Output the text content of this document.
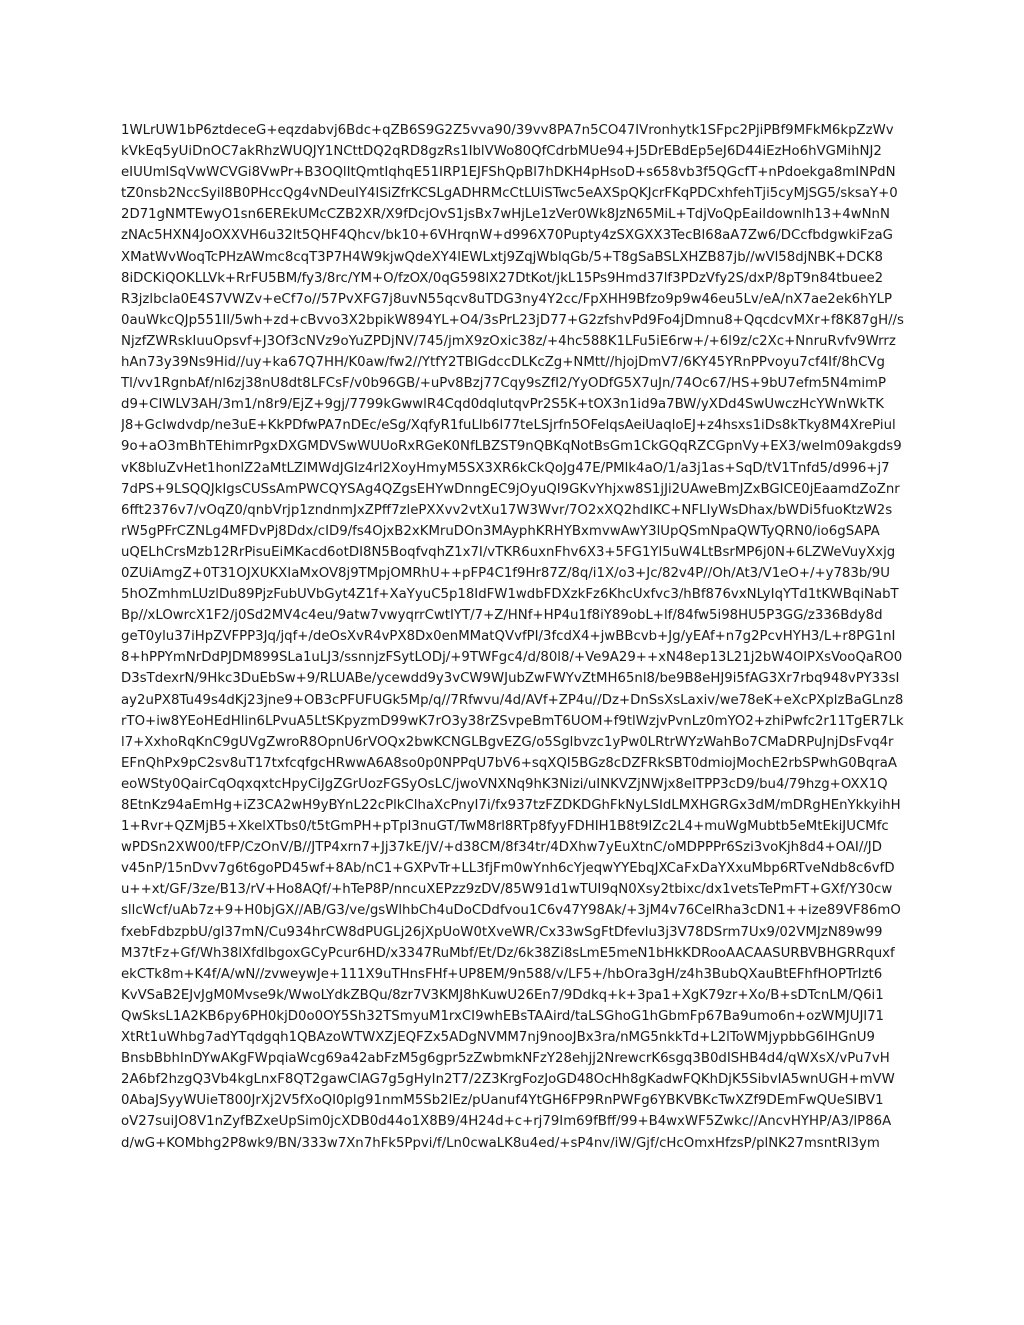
1WLrUW1bP6ztdeceG+eqzdabvj6Bdc+qZB6S9G2Z5vva90/39vv8PA7n5CO47IVronhytk1SFpc2PjiPBf9MFkM6kpZzWv
kVkEq5yUiDnOC7akRhzWUQJY1NCttDQ2qRD8gzRs1IblVWo80QfCdrbMUe94+J5DrEBdEp5eJ6D44iEzHo6hVGMihNJ2
eIUUmlSqVwWCVGi8VwPr+B3OQlItQmtIqhqE51IRP1EJFShQpBl7hDKH4pHsoD+s658vb3f5QGcfT+nPdoekga8mINPdN
tZ0nsb2NccSyil8B0PHccQg4vNDeuIY4lSiZfrKCSLgADHRMcCtLUiSTwc5eAXSpQKJcrFKqPDCxhfehTji5cyMjSG5/sksaY+0
2D71gNMTEwyO1sn6EREkUMcCZB2XR/X9fDcjOvS1jsBx7wHjLe1zVer0Wk8JzN65MiL+TdjVoQpEaiIdownlh13+4wNnN
zNAc5HXN4JoOXXVH6u32lt5QHF4Qhcv/bk10+6VHrqnW+d996X70Pupty4zSXGXX3TecBl68aA7Zw6/DCcfbdgwkiFzaG
XMatWvWoqTcPHzAWmc8cqT3P7H4W9kjwQdeXY4lEWLxtj9ZqjWblqGb/5+T8gSaBSLXHZB87jb//wVl58djNBK+DCK8
8iDCKiQOKLLVk+RrFU5BM/fy3/8rc/YM+O/fzOX/0qG598lX27DtKot/jkL15Ps9Hmd37lf3PDzVfy2S/dxP/8pT9n84tbuee2
R3jzlbcla0E4S7VWZv+eCf7o//57PvXFG7j8uvN55qcv8uTDG3ny4Y2cc/FpXHH9Bfzo9p9w46eu5Lv/eA/nX7ae2ek6hYLP
0auWkcQJp551Il/5wh+zd+cBvvo3X2bpikW894YL+O4/3sPrL23jD77+G2zfshvPd9Fo4jDmnu8+QqcdcvMXr+f8K87gH//s
NjzfZWRskIuuOpsvf+J3Of3cNVz9oYuZPDjNV/745/jmX9zOxic38z/+4hc588K1LFu5iE6rw+/+6l9z/c2Xc+NnruRvfv9Wrrz
hAn73y39Ns9Hid//uy+ka67Q7HH/K0aw/fw2//YtfY2TBIGdccDLKcZg+NMtt//hjojDmV7/6KY45YRnPPvoyu7cf4If/8hCVg
Tl/vv1RgnbAf/nl6zj38nU8dt8LFCsF/v0b96GB/+uPv8Bzj77Cqy9sZfI2/YyODfG5X7uJn/74Oc67/HS+9bU7efm5N4mimP
d9+CIWLV3AH/3m1/n8r9/EjZ+9gj/7799kGwwlR4Cqd0dqlutqvPr2S5K+tOX3n1id9a7BW/yXDd4SwUwczHcYWnWkTK
J8+GcIwdvdp/ne3uE+KkPDfwPA7nDEc/eSg/XqfyR1fuLlb6l77teLSjrfn5OFelqsAeiUaqloEJ+z4hsxs1iDs8kTky8M4XrePiul
9o+aO3mBhTEhimrPgxDXGMDVSwWUUoRxRGeK0NfLBZST9nQBKqNotBsGm1CkGQqRZCGpnVy+EX3/weIm09akgds9
vK8bluZvHet1honlZ2aMtLZlMWdJGIz4rl2XoyHmyM5SX3XR6kCkQoJg47E/PMlk4aO/1/a3j1as+SqD/tV1Tnfd5/d996+j7
7dPS+9LSQQJkIgsCUSsAmPWCQYSAg4QZgsEHYwDnngEC9jOyuQI9GKvYhjxw8S1jJi2UAweBmJZxBGICE0jEaamdZoZnr
6fft2376v7/vOqZ0/qnbVrjp1zndnmJxZPff7zlePXXvv2vtXu17W3Wvr/7O2xXQ2hdIKC+NFLIyWsDhax/bWDi5fuoKtzW2s
rW5gPFrCZNLg4MFDvPj8Ddx/cID9/fs4OjxB2xKMruDOn3MAyphKRHYBxmvwAwY3lUpQSmNpaQWTyQRN0/io6gSAPA
uQELhCrsMzb12RrPisuEiMKacd6otDI8N5BoqfvqhZ1x7I/vTKR6uxnFhv6X3+5FG1Yl5uW4LtBsrMP6j0N+6LZWeVuyXxjg
0ZUiAmgZ+0T31OJXUKXIaMxOV8j9TMpjOMRhU++pFP4C1f9Hr87Z/8q/i1X/o3+Jc/82v4P//Oh/At3/V1eO+/+y783b/9U
5hOZmhmLUzlDu89PjzFubUVbGyt4Z1f+XaYyuC5p18IdFW1wdbFDXzkFz6KhcUxfvc3/hBf876vxNLyIqYTd1tKWBqiNabT
Bp//xLOwrcX1F2/j0Sd2MV4c4eu/9atw7vwyqrrCwtIYT/7+Z/HNf+HP4u1f8iY89obL+lf/84fw5i98HU5P3GG/z336Bdy8d
geT0ylu37iHpZVFPP3Jq/jqf+/deOsXvR4vPX8Dx0enMMatQVvfPI/3fcdX4+jwBBcvb+Jg/yEAf+n7g2PcvHYH3/L+r8PG1nI
8+hPPYmNrDdPJDM899SLa1uLJ3/ssnnjzFSytLODj/+9TWFgc4/d/80l8/+Ve9A29++xN48ep13L21j2bW4OlPXsVooQaRO0
D3sTdexrN/9Hkc3DuEbSw+9/RLUABe/ycewdd9y3vCW9WJubZwFWYvZtMH65nl8/be9B8eHJ9i5fAG3Xr7rbq948vPY33sI
ay2uPX8Tu49s4dKj23jne9+OB3cPFUFUGk5Mp/q//7Rfwvu/4d/AVf+ZP4u//Dz+DnSsXsLaxiv/we78eK+eXcPXplzBaGLnz8
rTO+iw8YEoHEdHlin6LPvuA5LtSKpyzmD99wK7rO3y38rZSvpeBmT6UOM+f9tlWzjvPvnLz0mYO2+zhiPwfc2r11TgER7Lk
l7+XxhoRqKnC9gUVgZwroR8OpnU6rVOQx2bwKCNGLBgvEZG/o5Sglbvzc1yPw0LRtrWYzWahBo7CMaDRPuJnjDsFvq4r
EFnQhPx9pC2sv8uT17txfcqfgcHRwwA6A8so0p0NPPqU7bV6+sqXQI5BGz8cDZFRkSBT0dmiojMochE2rbSPwhG0BqraA
eoWSty0QairCqOqxqxtcHpyCiJgZGrUozFGSyOsLC/jwoVNXNq9hK3Nizi/uINKVZjNWjx8eITPP3cD9/bu4/79hzg+OXX1Q
8EtnKz94aEmHg+iZ3CA2wH9yBYnL22cPlkClhaXcPnyI7i/fx937tzFZDKDGhFkNyLSIdLMXHGRGx3dM/mDRgHEnYkkyihH
1+Rvr+QZMjB5+XkelXTbs0/t5tGmPH+pTpl3nuGT/TwM8rl8RTp8fyyFDHIH1B8t9IZc2L4+muWgMubtb5eMtEkiJUCMfc
wPDSn2XW00/tFP/CzOnV/B//JTP4xrn7+Jj37kE/jV/+d38CM/8f34tr/4DXhw7yEuXtnC/oMDPPPr6Szi3voKjh8d4+OAI//JD
v45nP/15nDvv7g6t6goPD45wf+8Ab/nC1+GXPvTr+LL3fjFm0wYnh6cYjeqwYYEbqJXCaFxDaYXxuMbp6RTveNdb8c6vfD
u++xt/GF/3ze/B13/rV+Ho8AQf/+hTeP8P/nncuXEPzz9zDV/85W91d1wTUI9qN0Xsy2tbixc/dx1vetsTePmFT+GXf/Y30cw
sllcWcf/uAb7z+9+H0bjGX//AB/G3/ve/gsWlhbCh4uDoCDdfvou1C6v47Y98Ak/+3jM4v76CelRha3cDN1++ize89VF86mO
fxebFdbzpbU/gl37mN/Cu934hrCW8dPUGLj26jXpUoW0tXveWR/Cx33wSgFtDfevlu3j3V78DSrm7Ux9/02VMJzN89w99
M37tFz+Gf/Wh38lXfdlbgoxGCyPcur6HD/x3347RuMbf/Et/Dz/6k38Zi8sLmE5meN1bHkKDRooAACAASURBVBHGRRquxf
ekCTk8m+K4f/A/wN//zvweywJe+111X9uTHnsFHf+UP8EM/9n588/v/LF5+/hbOra3gH/z4h3BubQXauBtEFhfHOPTrIzt6
KvVSaB2EJvJgM0Mvse9k/WwoLYdkZBQu/8zr7V3KMJ8hKuwU26En7/9Ddkq+k+3pa1+XgK79zr+Xo/B+sDTcnLM/Q6i1
QwSksL1A2KB6py6PH0kjD0o0OY5Sh32TSmyuM1rxCI9whEBsTAAird/taLSGhoG1hGbmFp67Ba9umo6n+ozWMJUJl71
XtRt1uWhbg7adYTqdgqh1QBAzoWTWXZjEQFZx5ADgNVMM7nj9nooJBx3ra/nMG5nkkTd+L2lToWMjypbbG6IHGnU9
BnsbBbhInDYwAKgFWpqiaWcg69a42abFzM5g6gpr5zZwbmkNFzY28ehjj2NrewcrK6sgq3B0dISHB4d4/qWXsX/vPu7vH
2A6bf2hzgQ3Vb4kgLnxF8QT2gawClAG7g5gHyIn2T7/2Z3KrgFozJoGD48OcHh8gKadwFQKhDjK5SibvIA5wnUGH+mVW
0AbaJSyyWUieT800JrXj2V5fXoQI0plg91nmM5Sb2lEz/pUanuf4YtGH6FP9RnPWFg6YBKVBKcTwXZf9DEmFwQUeSIBV1
oV27suiJO8V1nZyfBZxeUpSim0jcXDB0d44o1X8B9/4H24d+c+rj79Im69fBff/99+B4wxWF5Zwkc//AncvHYHP/A3/lP86A
d/wG+KOMbhg2P8wk9/BN/333w7Xn7hFk5Ppvi/f/Ln0cwaLK8u4ed/+sP4nv/iW/Gjf/cHcOmxHfzsP/plNK27msntRI3ym
